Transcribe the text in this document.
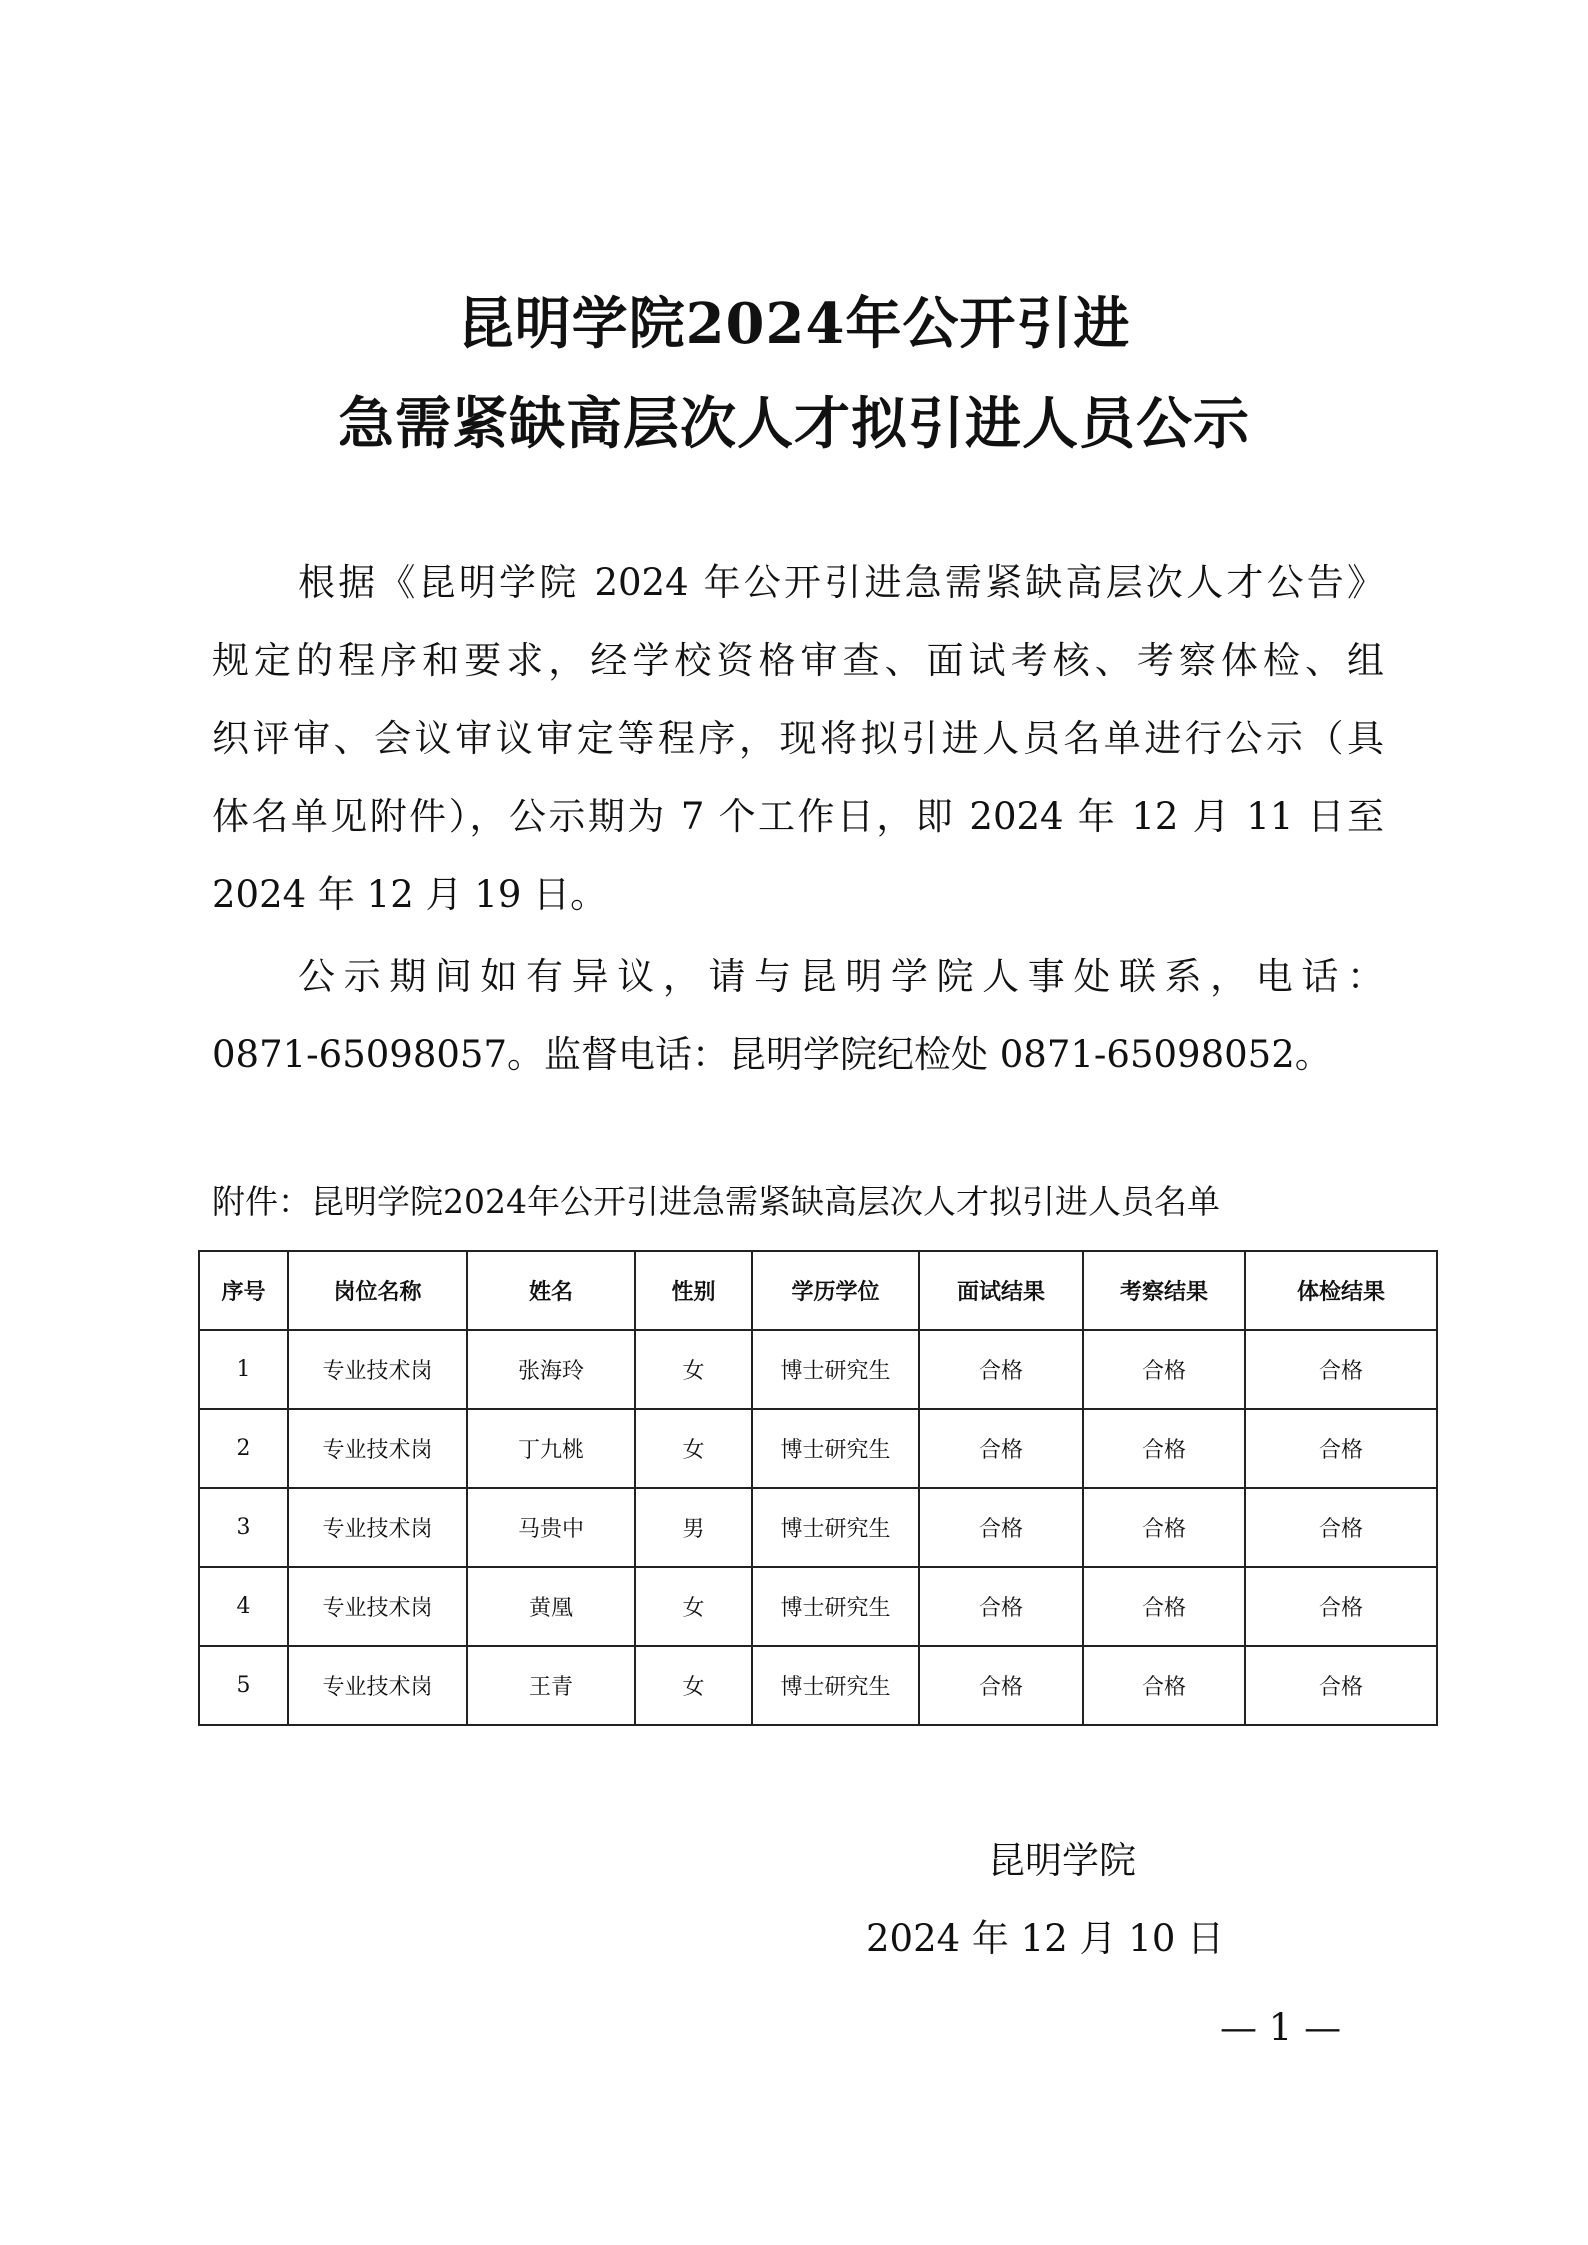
昆明学院2024年公开引进
急需紧缺高层次人才拟引进人员公示
根据《昆明学院 2024 年公开引进急需紧缺高层次人才公告》
规定的程序和要求，经学校资格审查、面试考核、考察体检、组
织评审、会议审议审定等程序，现将拟引进人员名单进行公示（具
体名单见附件），公示期为 7 个工作日，即 2024 年 12 月 11 日至
2024 年 12 月 19 日。
公示期间如有异议，请与昆明学院人事处联系，电话：
0871-65098057。监督电话：昆明学院纪检处 0871-65098052。
附件：昆明学院2024年公开引进急需紧缺高层次人才拟引进人员名单
序号	岗位名称	姓名	性别	学历学位	面试结果	考察结果	体检结果
1	专业技术岗	张海玲	女	博士研究生	合格	合格	合格
2	专业技术岗	丁九桃	女	博士研究生	合格	合格	合格
3	专业技术岗	马贵中	男	博士研究生	合格	合格	合格
4	专业技术岗	黄凰	女	博士研究生	合格	合格	合格
5	专业技术岗	王青	女	博士研究生	合格	合格	合格
昆明学院
2024 年 12 月 10 日
— 1 —
